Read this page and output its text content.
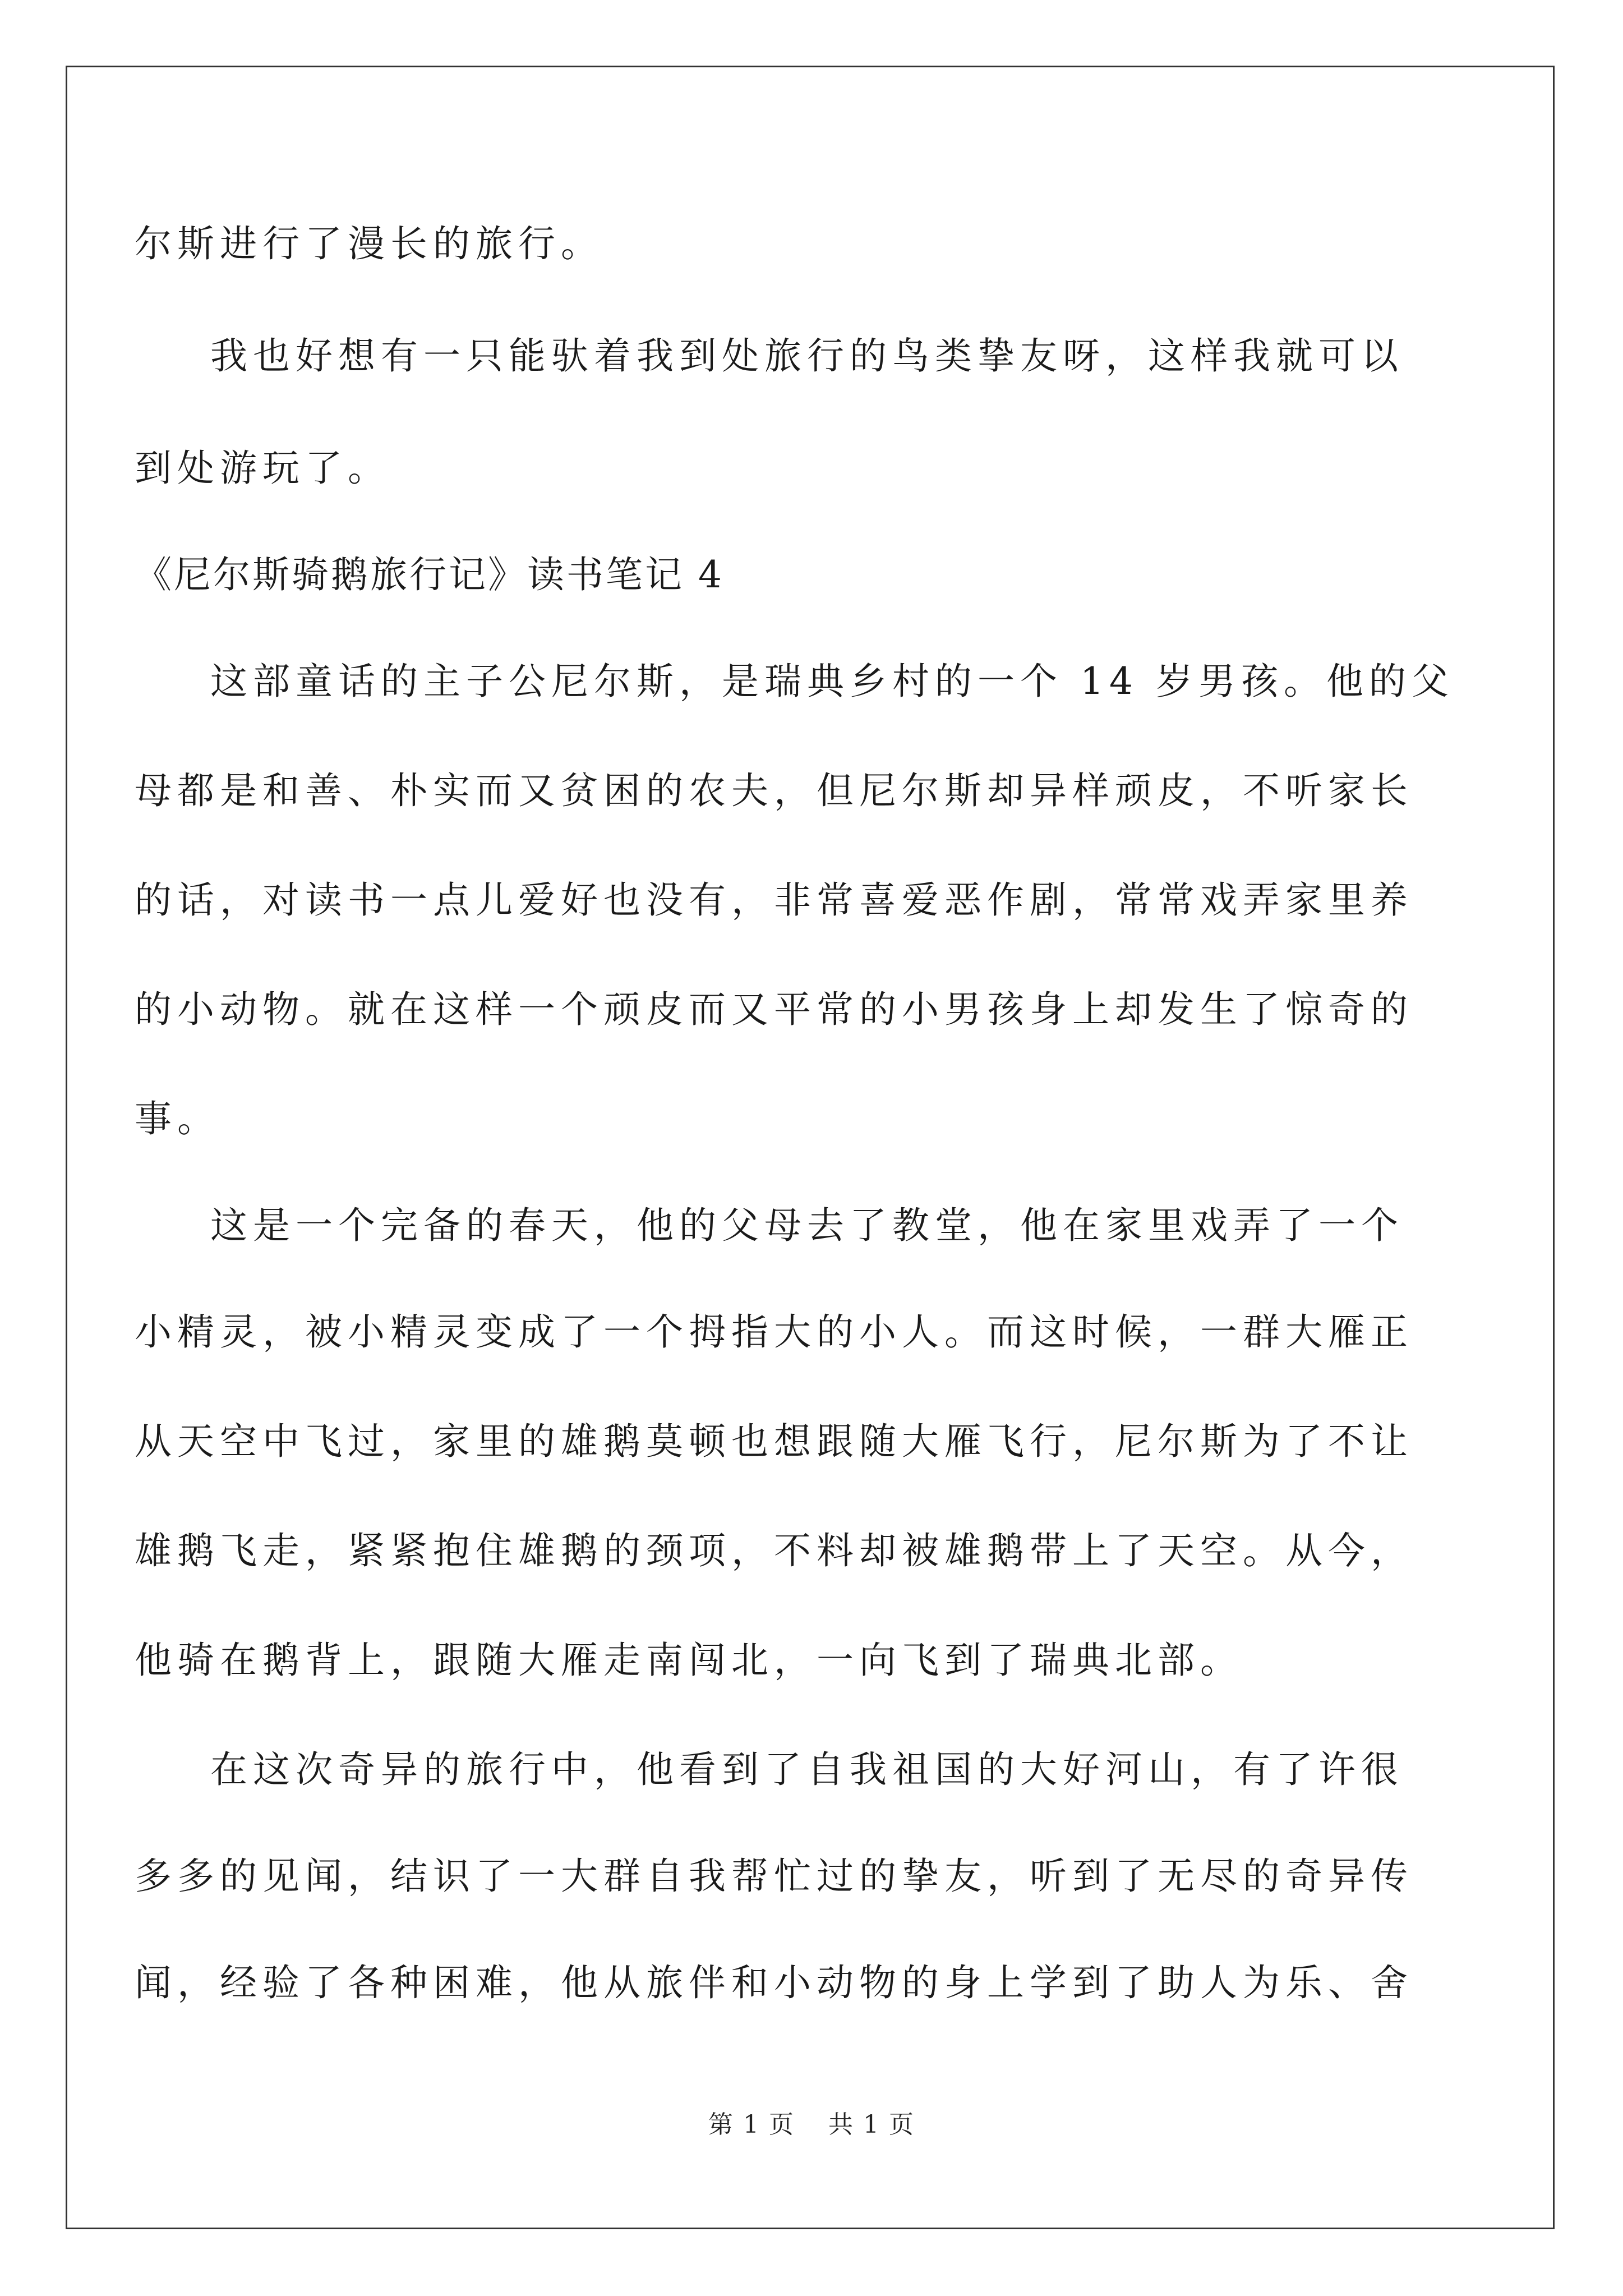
尔斯进行了漫长的旅行。
我也好想有一只能驮着我到处旅行的鸟类挚友呀，这样我就可以
到处游玩了。
《尼尔斯骑鹅旅行记》读书笔记 4
这部童话的主子公尼尔斯，是瑞典乡村的一个 14 岁男孩。他的父
母都是和善、朴实而又贫困的农夫，但尼尔斯却异样顽皮，不听家长
的话，对读书一点儿爱好也没有，非常喜爱恶作剧，常常戏弄家里养
的小动物。就在这样一个顽皮而又平常的小男孩身上却发生了惊奇的
事。
这是一个完备的春天，他的父母去了教堂，他在家里戏弄了一个
小精灵，被小精灵变成了一个拇指大的小人。而这时候，一群大雁正
从天空中飞过，家里的雄鹅莫顿也想跟随大雁飞行，尼尔斯为了不让
雄鹅飞走，紧紧抱住雄鹅的颈项，不料却被雄鹅带上了天空。从今，
他骑在鹅背上，跟随大雁走南闯北，一向飞到了瑞典北部。
在这次奇异的旅行中，他看到了自我祖国的大好河山，有了许很
多多的见闻，结识了一大群自我帮忙过的挚友，听到了无尽的奇异传
闻，经验了各种困难，他从旅伴和小动物的身上学到了助人为乐、舍
第 1 页 共 1 页
